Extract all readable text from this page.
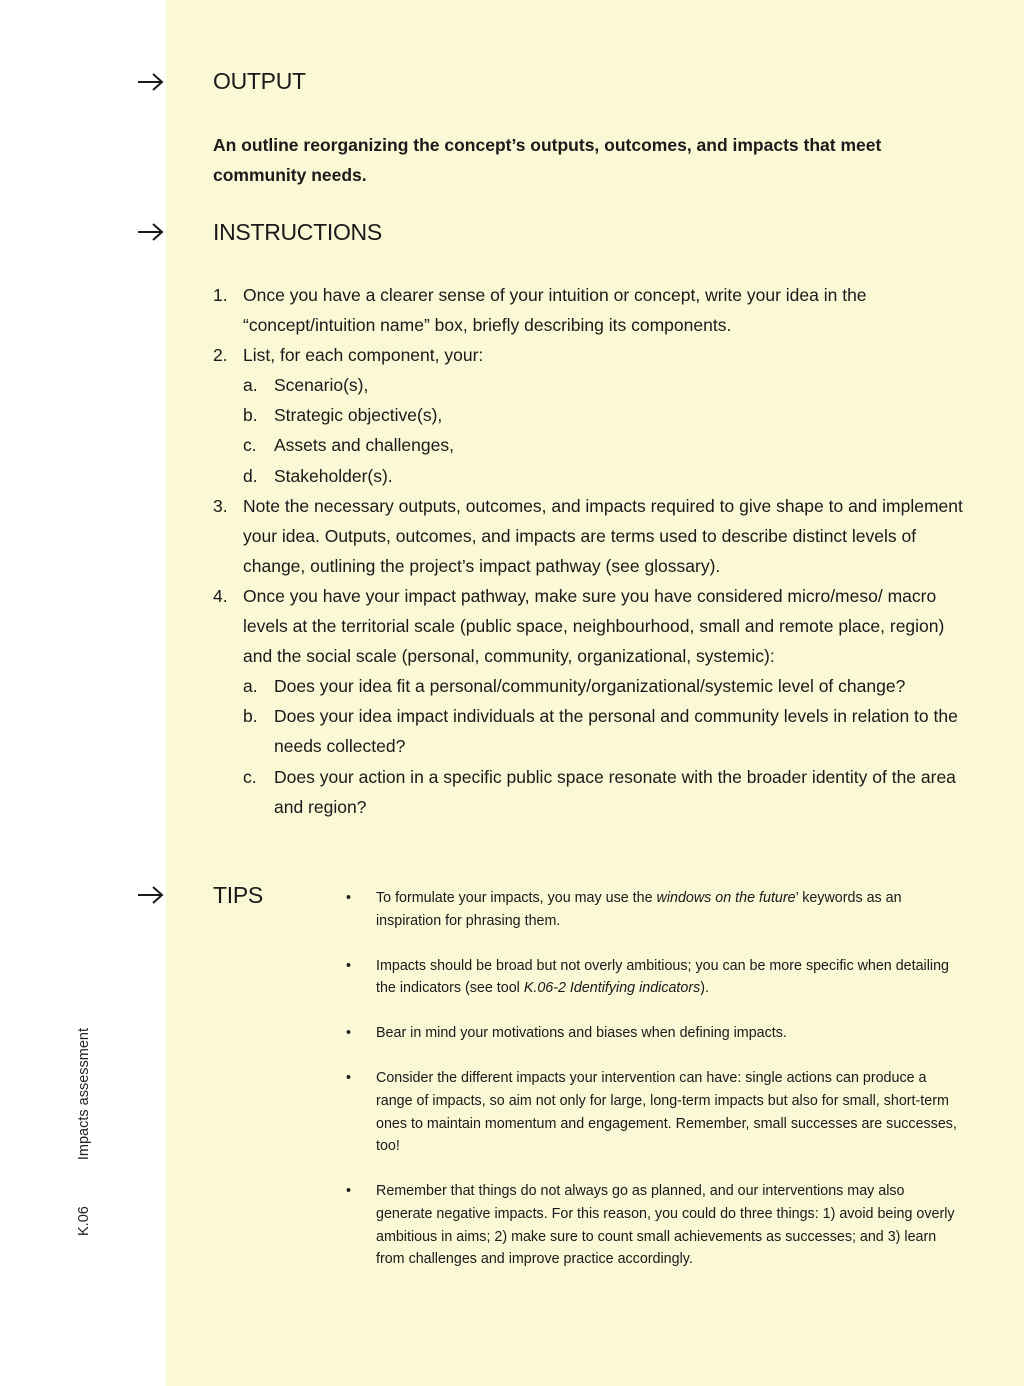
OUTPUT

An outline reorganizing the concept’s outputs, outcomes, and impacts that meet community needs.

INSTRUCTIONS
1. Once you have a clearer sense of your intuition or concept, write your idea in the “concept/intuition name” box, briefly describing its components.
2. List, for each component, your:
a. Scenario(s),
b. Strategic objective(s),
c. Assets and challenges,
d. Stakeholder(s).
3. Note the necessary outputs, outcomes, and impacts required to give shape to and implement your idea. Outputs, outcomes, and impacts are terms used to describe distinct levels of change, outlining the project’s impact pathway (see glossary).
4. Once you have your impact pathway, make sure you have considered micro/meso/ macro levels at the territorial scale (public space, neighbourhood, small and remote place, region) and the social scale (personal, community, organizational, systemic):
a. Does your idea fit a personal/community/organizational/systemic level of change?
b. Does your idea impact individuals at the personal and community levels in relation to the needs collected?
c. Does your action in a specific public space resonate with the broader identity of the area and region?
TIPS	• To formulate your impacts, you may use the windows on the future’ keywords as an inspiration for phrasing them.
• Impacts should be broad but not overly ambitious; you can be more specific when detailing the indicators (see tool K.06-2 Identifying indicators).
• Bear in mind your motivations and biases when defining impacts.
• Consider the different impacts your intervention can have: single actions can produce a range of impacts, so aim not only for large, long-term impacts but also for small, short-term ones to maintain momentum and engagement. Remember, small successes are successes, too!
• Remember that things do not always go as planned, and our interventions may also generate negative impacts. For this reason, you could do three things: 1) avoid being overly ambitious in aims; 2) make sure to count small achievements as successes; and 3) learn from challenges and improve practice accordingly.
K.06Impacts assessment
